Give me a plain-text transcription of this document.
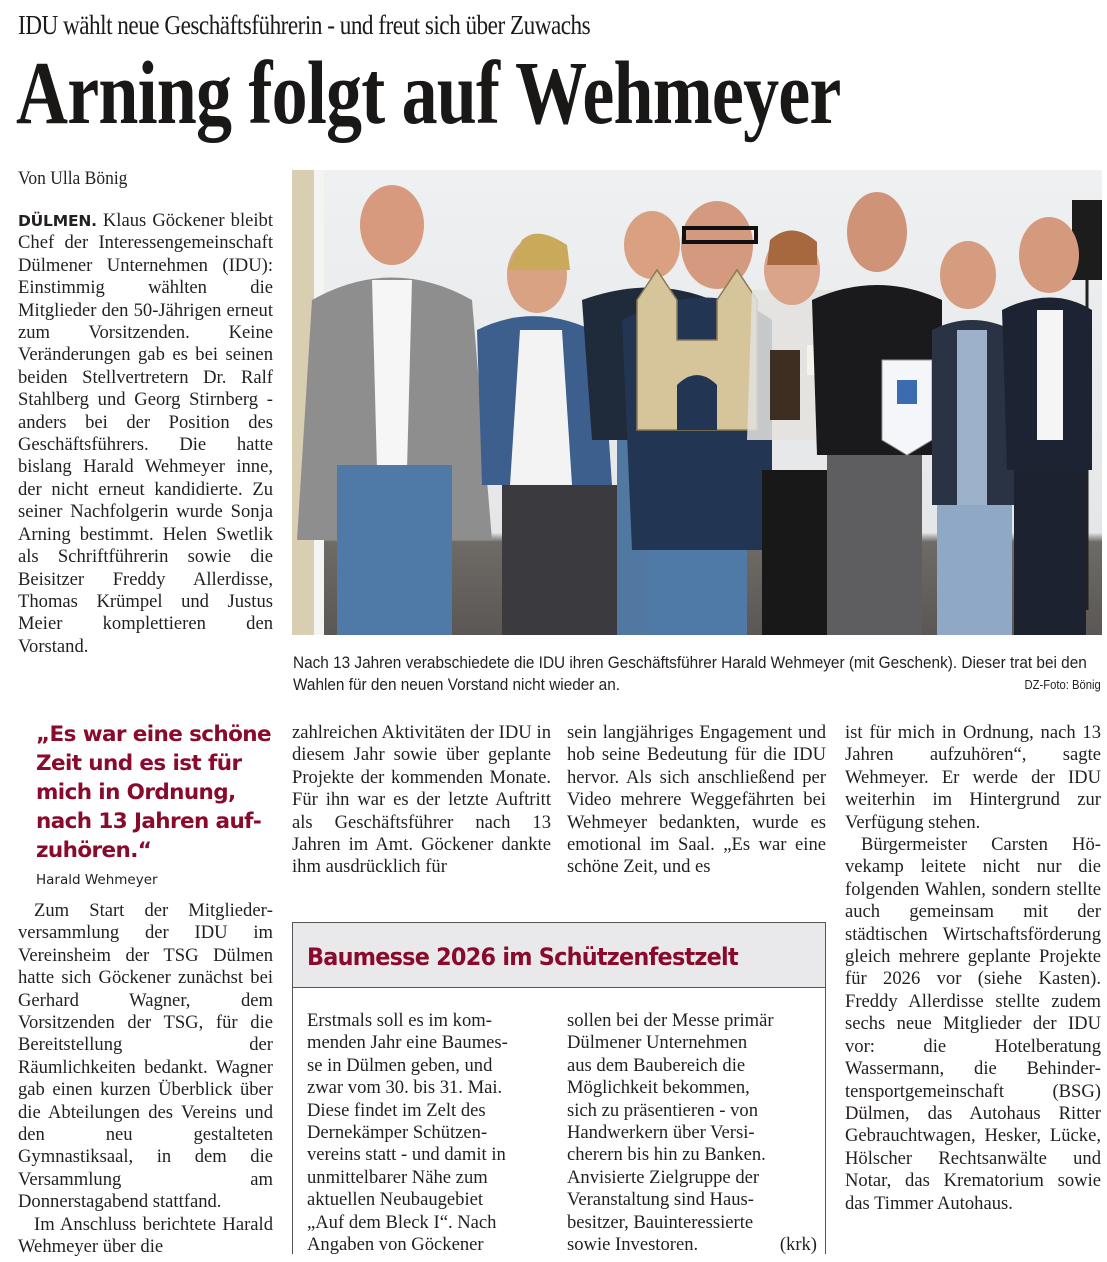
IDU wählt neue Geschäftsführerin - und freut sich über Zuwachs
Arning folgt auf Wehmeyer
Von Ulla Bönig

DÜLMEN. Klaus Göckener bleibt Chef der Interessengemeinschaft Dülmener Unternehmen (IDU): Einstimmig wählten die Mitglieder den 50-Jährigen erneut zum Vorsitzenden. Keine Veränderungen gab es bei seinen beiden Stellvertretern Dr. Ralf Stahlberg und Georg Stirnberg - anders bei der Position des Geschäftsführers. Die hatte bislang Harald Wehmeyer inne, der nicht erneut kandidierte. Zu seiner Nachfolgerin wurde Sonja Arning bestimmt. Helen Swetlik als Schriftführerin sowie die Beisitzer Freddy Allerdisse, Thomas Krümpel und Justus Meier komplettieren den Vorstand.

Nach 13 Jahren verabschiedete die IDU ihren Geschäftsführer Harald Wehmeyer (mit Geschenk). Dieser trat bei den Wahlen für den neuen Vorstand nicht wieder an.	DZ-Foto: Bönig
„Es war eine schöne Zeit und es ist für mich in Ordnung, nach 13 Jahren aufzuhören.“
Harald Wehmeyer

Zum Start der Mitgliederversammlung der IDU im Vereinsheim der TSG Dülmen hatte sich Göckener zunächst bei Gerhard Wagner, dem Vorsitzenden der TSG, für die Bereitstellung der Räumlichkeiten bedankt. Wagner gab einen kurzen Überblick über die Abteilungen des Vereins und den neu gestalteten Gymnastiksaal, in dem die Versammlung am Donnerstagabend stattfand.

Im Anschluss berichtete Harald Wehmeyer über die

zahlreichen Aktivitäten der IDU in diesem Jahr sowie über geplante Projekte der kommenden Monate. Für ihn war es der letzte Auftritt als Geschäftsführer nach 13 Jahren im Amt. Göckener dankte ihm ausdrücklich für

sein langjähriges Engagement und hob seine Bedeutung für die IDU hervor. Als sich anschließend per Video mehrere Weggefährten bei Wehmeyer bedankten, wurde es emotional im Saal. „Es war eine schöne Zeit, und es

ist für mich in Ordnung, nach 13 Jahren aufzuhören“, sagte Wehmeyer. Er werde der IDU weiterhin im Hintergrund zur Verfügung stehen.

Bürgermeister Carsten Hövekamp leitete nicht nur die folgenden Wahlen, sondern stellte auch gemeinsam mit der städtischen Wirtschaftsförderung gleich mehrere geplante Projekte für 2026 vor (siehe Kasten). Freddy Allerdisse stellte zudem sechs neue Mitglieder der IDU vor: die Hotelberatung Wassermann, die Behindertensportgemeinschaft (BSG) Dülmen, das Autohaus Ritter Gebrauchtwagen, Hesker, Lücke, Hölscher Rechtsanwälte und Notar, das Krematorium sowie das Timmer Autohaus.

Baumesse 2026 im Schützenfestzelt
Erstmals soll es im kom-
menden Jahr eine Baumes-
se in Dülmen geben, und
zwar vom 30. bis 31. Mai.
Diese findet im Zelt des
Dernekämper Schützen-
vereins statt - und damit in
unmittelbarer Nähe zum
aktuellen Neubaugebiet
„Auf dem Bleck I“. Nach
Angaben von Göckener
sollen bei der Messe primär
Dülmener Unternehmen
aus dem Baubereich die
Möglichkeit bekommen,
sich zu präsentieren - von
Handwerkern über Versi-
cherern bis hin zu Banken.
Anvisierte Zielgruppe der
Veranstaltung sind Haus-
besitzer, Bauinteressierte
sowie Investoren.	(krk)
